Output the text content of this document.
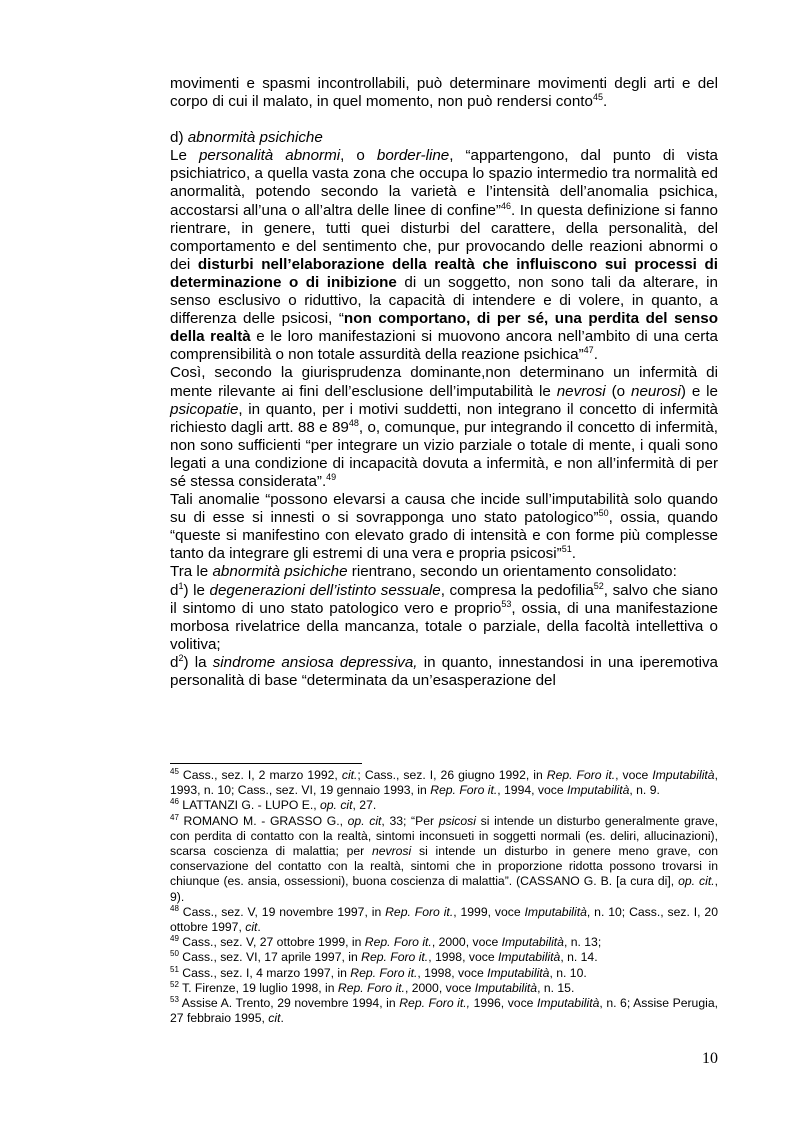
movimenti e spasmi incontrollabili, può determinare movimenti degli arti e del corpo di cui il malato, in quel momento, non può rendersi conto$^{45}$.

d) abnormità psichiche

Le personalità abnormi, o border-line, “appartengono, dal punto di vista psichiatrico, a quella vasta zona che occupa lo spazio intermedio tra normalità ed anormalità, potendo secondo la varietà e l’intensità dell’anomalia psichica, accostarsi all’una o all’altra delle linee di confine”$^{46}$. In questa definizione si fanno rientrare, in genere, tutti quei disturbi del carattere, della personalità, del comportamento e del sentimento che, pur provocando delle reazioni abnormi o dei disturbi nell’elaborazione della realtà che influiscono sui processi di determinazione o di inibizione di un soggetto, non sono tali da alterare, in senso esclusivo o riduttivo, la capacità di intendere e di volere, in quanto, a differenza delle psicosi, “non comportano, di per sé, una perdita del senso della realtà e le loro manifestazioni si muovono ancora nell’ambito di una certa comprensibilità o non totale assurdità della reazione psichica”$^{47}$.

Così, secondo la giurisprudenza dominante,non determinano un infermità di mente rilevante ai fini dell’esclusione dell’imputabilità le nevrosi (o neurosi) e le psicopatie, in quanto, per i motivi suddetti, non integrano il concetto di infermità richiesto dagli artt. 88 e $89^{48}$, o, comunque, pur integrando il concetto di infermità, non sono sufficienti “per integrare un vizio parziale o totale di mente, i quali sono legati a una condizione di incapacità dovuta a infermità, e non all’infermità di per sé stessa considerata”.$^{49}$

Tali anomalie “possono elevarsi a causa che incide sull’imputabilità solo quando su di esse si innesti o si sovrapponga uno stato patologico”$^{50}$, ossia, quando “queste si manifestino con elevato grado di intensità e con forme più complesse tanto da integrare gli estremi di una vera e propria psicosi”$^{51}$.

Tra le abnormità psichiche rientrano, secondo un orientamento consolidato:

$d^1$) le degenerazioni dell’istinto sessuale, compresa la pedofilia$^{52}$, salvo che siano il sintomo di uno stato patologico vero e proprio$^{53}$, ossia, di una manifestazione morbosa rivelatrice della mancanza, totale o parziale, della facoltà intellettiva o volitiva;

$d^2$) la sindrome ansiosa depressiva, in quanto, innestandosi in una iperemotiva personalità di base “determinata da un’esasperazione del

$^{45}$ Cass., sez. I, 2 marzo 1992, cit.; Cass., sez. I, 26 giugno 1992, in Rep. Foro it., voce Imputabilità, 1993, n. 10; Cass., sez. VI, 19 gennaio 1993, in Rep. Foro it., 1994, voce Imputabilità, n. 9.

$^{46}$ LATTANZI G. - LUPO E., op. cit, 27.

$^{47}$ ROMANO M. - GRASSO G., op. cit, 33; “Per psicosi si intende un disturbo generalmente grave, con perdita di contatto con la realtà, sintomi inconsueti in soggetti normali (es. deliri, allucinazioni), scarsa coscienza di malattia; per nevrosi si intende un disturbo in genere meno grave, con conservazione del contatto con la realtà, sintomi che in proporzione ridotta possono trovarsi in chiunque (es. ansia, ossessioni), buona coscienza di malattia”. (CASSANO G. B. [a cura di], op. cit., 9).

$^{48}$ Cass., sez. V, 19 novembre 1997, in Rep. Foro it., 1999, voce Imputabilità, n. 10; Cass., sez. I, 20 ottobre 1997, cit.

$^{49}$ Cass., sez. V, 27 ottobre 1999, in Rep. Foro it., 2000, voce Imputabilità, n. 13;

$^{50}$ Cass., sez. VI, 17 aprile 1997, in Rep. Foro it., 1998, voce Imputabilità, n. 14.

$^{51}$ Cass., sez. I, 4 marzo 1997, in Rep. Foro it., 1998, voce Imputabilità, n. 10.

$^{52}$ T. Firenze, 19 luglio 1998, in Rep. Foro it., 2000, voce Imputabilità, n. 15.

$^{53}$ Assise A. Trento, 29 novembre 1994, in Rep. Foro it., 1996, voce Imputabilità, n. 6; Assise Perugia, 27 febbraio 1995, cit.

10
